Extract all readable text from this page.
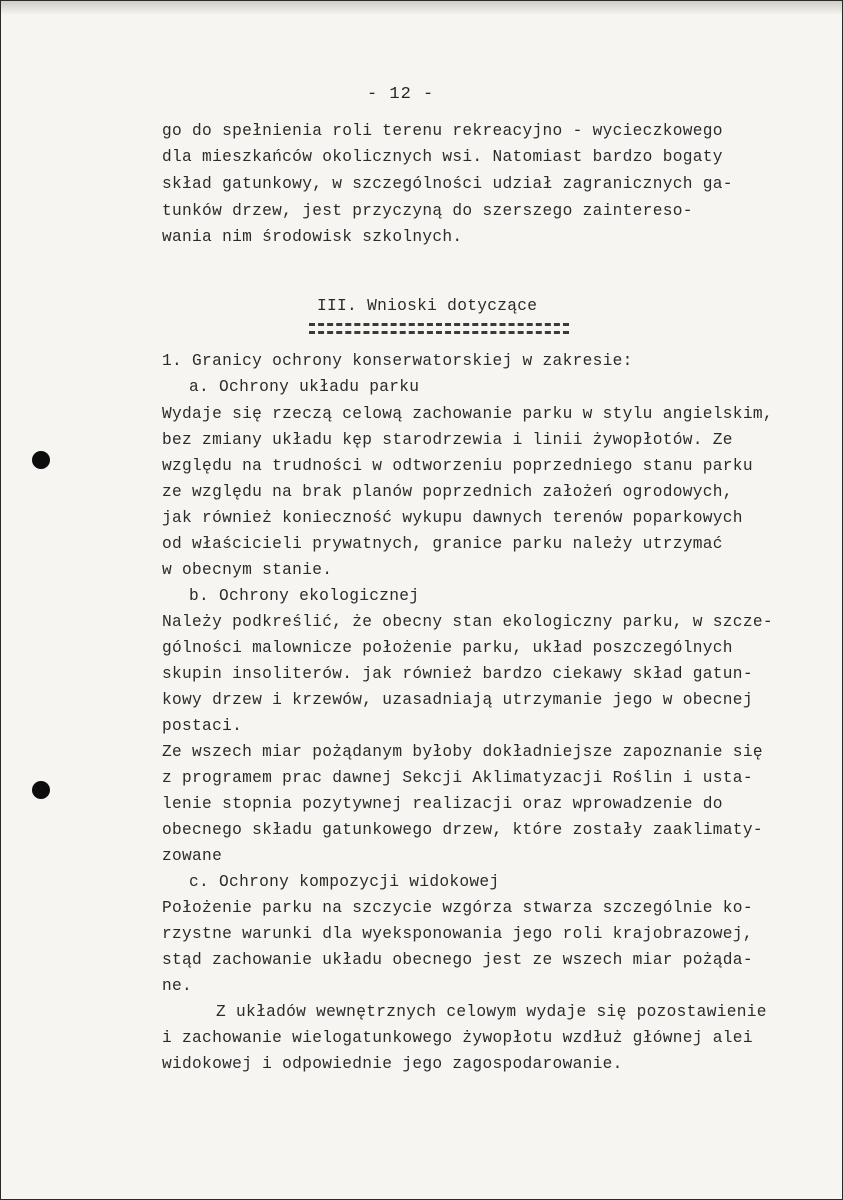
- 12 -
go do spełnienia roli terenu rekreacyjno - wycieczkowego
dla mieszkańców okolicznych wsi. Natomiast bardzo bogaty
skład gatunkowy, w szczególności udział zagranicznych ga-
tunków drzew, jest przyczyną do szerszego zaintereso-
wania nim środowisk szkolnych.
III. Wnioski dotyczące
1. Granicy ochrony konserwatorskiej w zakresie:
a. Ochrony układu parku
Wydaje się rzeczą celową zachowanie parku w stylu angielskim,
bez zmiany układu kęp starodrzewia i linii żywopłotów. Ze
względu na trudności w odtworzeniu poprzedniego stanu parku
ze względu na brak planów poprzednich założeń ogrodowych,
jak również konieczność wykupu dawnych terenów poparkowych
od właścicieli prywatnych, granice parku należy utrzymać
w obecnym stanie.
b. Ochrony ekologicznej
Należy podkreślić, że obecny stan ekologiczny parku, w szcze-
gólności malownicze położenie parku, układ poszczególnych
skupin insoliterów. jak również bardzo ciekawy skład gatun-
kowy drzew i krzewów, uzasadniają utrzymanie jego w obecnej
postaci.
Ze wszech miar pożądanym byłoby dokładniejsze zapoznanie się
z programem prac dawnej Sekcji Aklimatyzacji Roślin i usta-
lenie stopnia pozytywnej realizacji oraz wprowadzenie do
obecnego składu gatunkowego drzew, które zostały zaaklimaty-
zowane
c. Ochrony kompozycji widokowej
Położenie parku na szczycie wzgórza stwarza szczególnie ko-
rzystne warunki dla wyeksponowania jego roli krajobrazowej,
stąd zachowanie układu obecnego jest ze wszech miar pożąda-
ne.
Z układów wewnętrznych celowym wydaje się pozostawienie
i zachowanie wielogatunkowego żywopłotu wzdłuż głównej alei
widokowej i odpowiednie jego zagospodarowanie.
